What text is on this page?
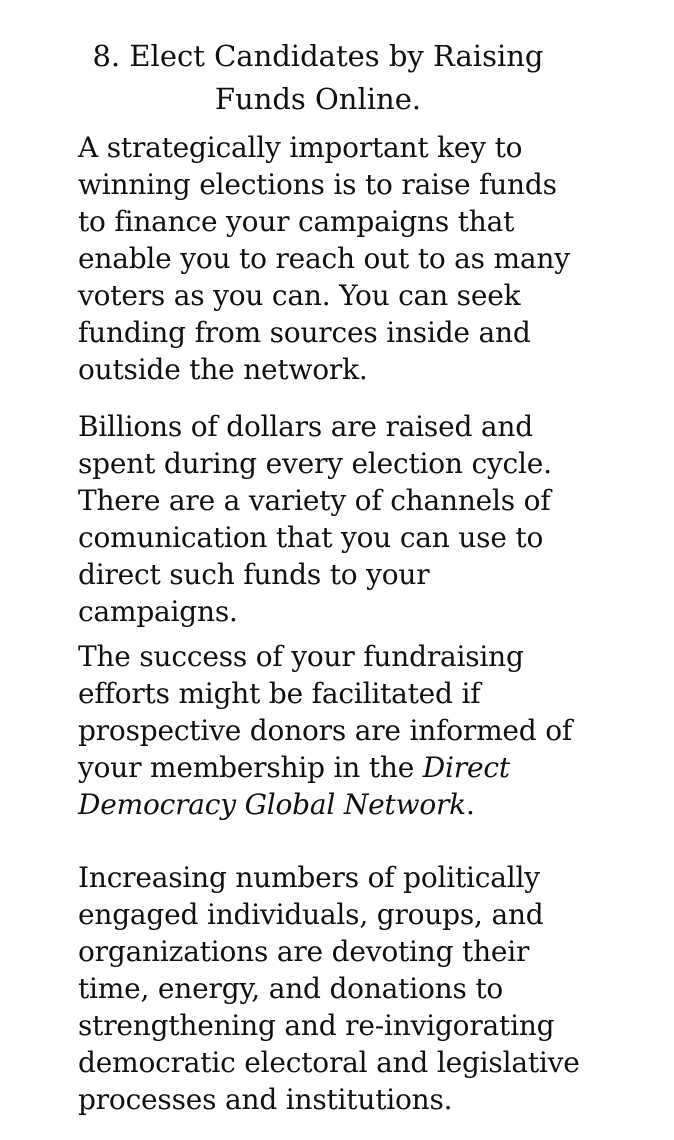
8. Elect Candidates by Raising
Funds Online.

A strategically important key to
winning elections is to raise funds
to finance your campaigns that
enable you to reach out to as many
voters as you can. You can seek
funding from sources inside and
outside the network.

Billions of dollars are raised and
spent during every election cycle.
There are a variety of channels of
comunication that you can use to
direct such funds to your
campaigns.

The success of your fundraising
efforts might be facilitated if
prospective donors are informed of
your membership in the Direct
Democracy Global Network.

Increasing numbers of politically
engaged individuals, groups, and
organizations are devoting their
time, energy, and donations to
strengthening and re-invigorating
democratic electoral and legislative
processes and institutions.
